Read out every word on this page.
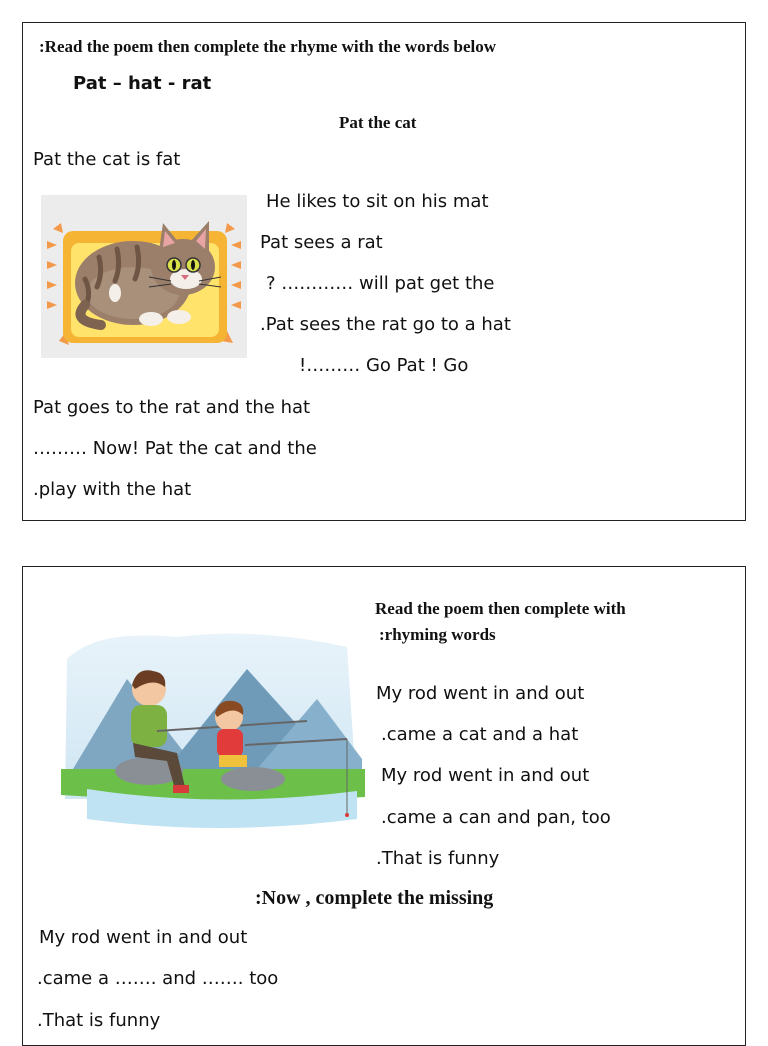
:Read the poem then complete the rhyme with the words below
Pat – hat - rat
Pat the cat
Pat the cat is fat
He likes to sit on his mat
Pat sees a rat
? ………… will pat get the
.Pat sees the rat go to a hat
!……… Go Pat ! Go
Pat goes to the rat and the hat
……… Now! Pat the cat and the
.play with the hat
Read the poem then complete with
:rhyming words
My rod went in and out
.came a cat and a hat
My rod went in and out
.came a can and pan, too
.That is funny
:Now , complete the missing
My rod went in and out
.came a ……. and ……. too
.That is funny
